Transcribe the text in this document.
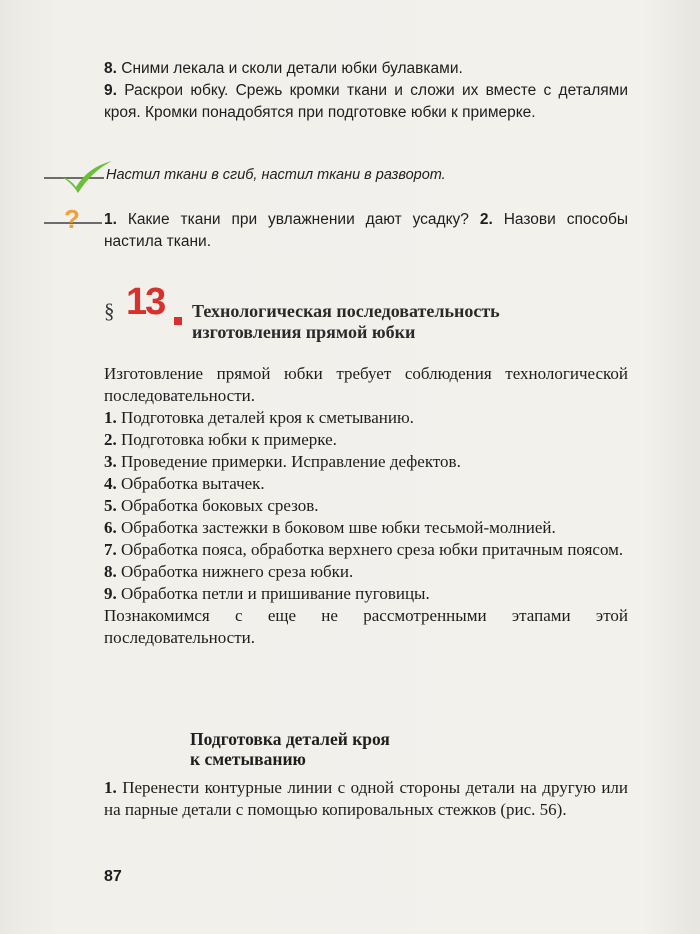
8. Сними лекала и сколи детали юбки булавками.

9. Раскрои юбку. Срежь кромки ткани и сложи их вместе с деталями кроя. Кромки понадобятся при подготовке юбки к примерке.

Настил ткани в сгиб, настил ткани в разворот.
? 1. Какие ткани при увлажнении дают усадку? 2. Назови способы настила ткани.

§ 13 Технологическая последовательность
изготовления прямой юбки

Изготовление прямой юбки требует соблюдения технологической последовательности.

1. Подготовка деталей кроя к сметыванию.

2. Подготовка юбки к примерке.

3. Проведение примерки. Исправление дефектов.

4. Обработка вытачек.

5. Обработка боковых срезов.

6. Обработка застежки в боковом шве юбки тесьмой-молнией.

7. Обработка пояса, обработка верхнего среза юбки притачным поясом.

8. Обработка нижнего среза юбки.

9. Обработка петли и пришивание пуговицы.

Познакомимся с еще не рассмотренными этапами этой последовательности.

Подготовка деталей кроя
к сметыванию

1. Перенести контурные линии с одной стороны детали на другую или на парные детали с помощью копировальных стежков (рис. 56).

87
